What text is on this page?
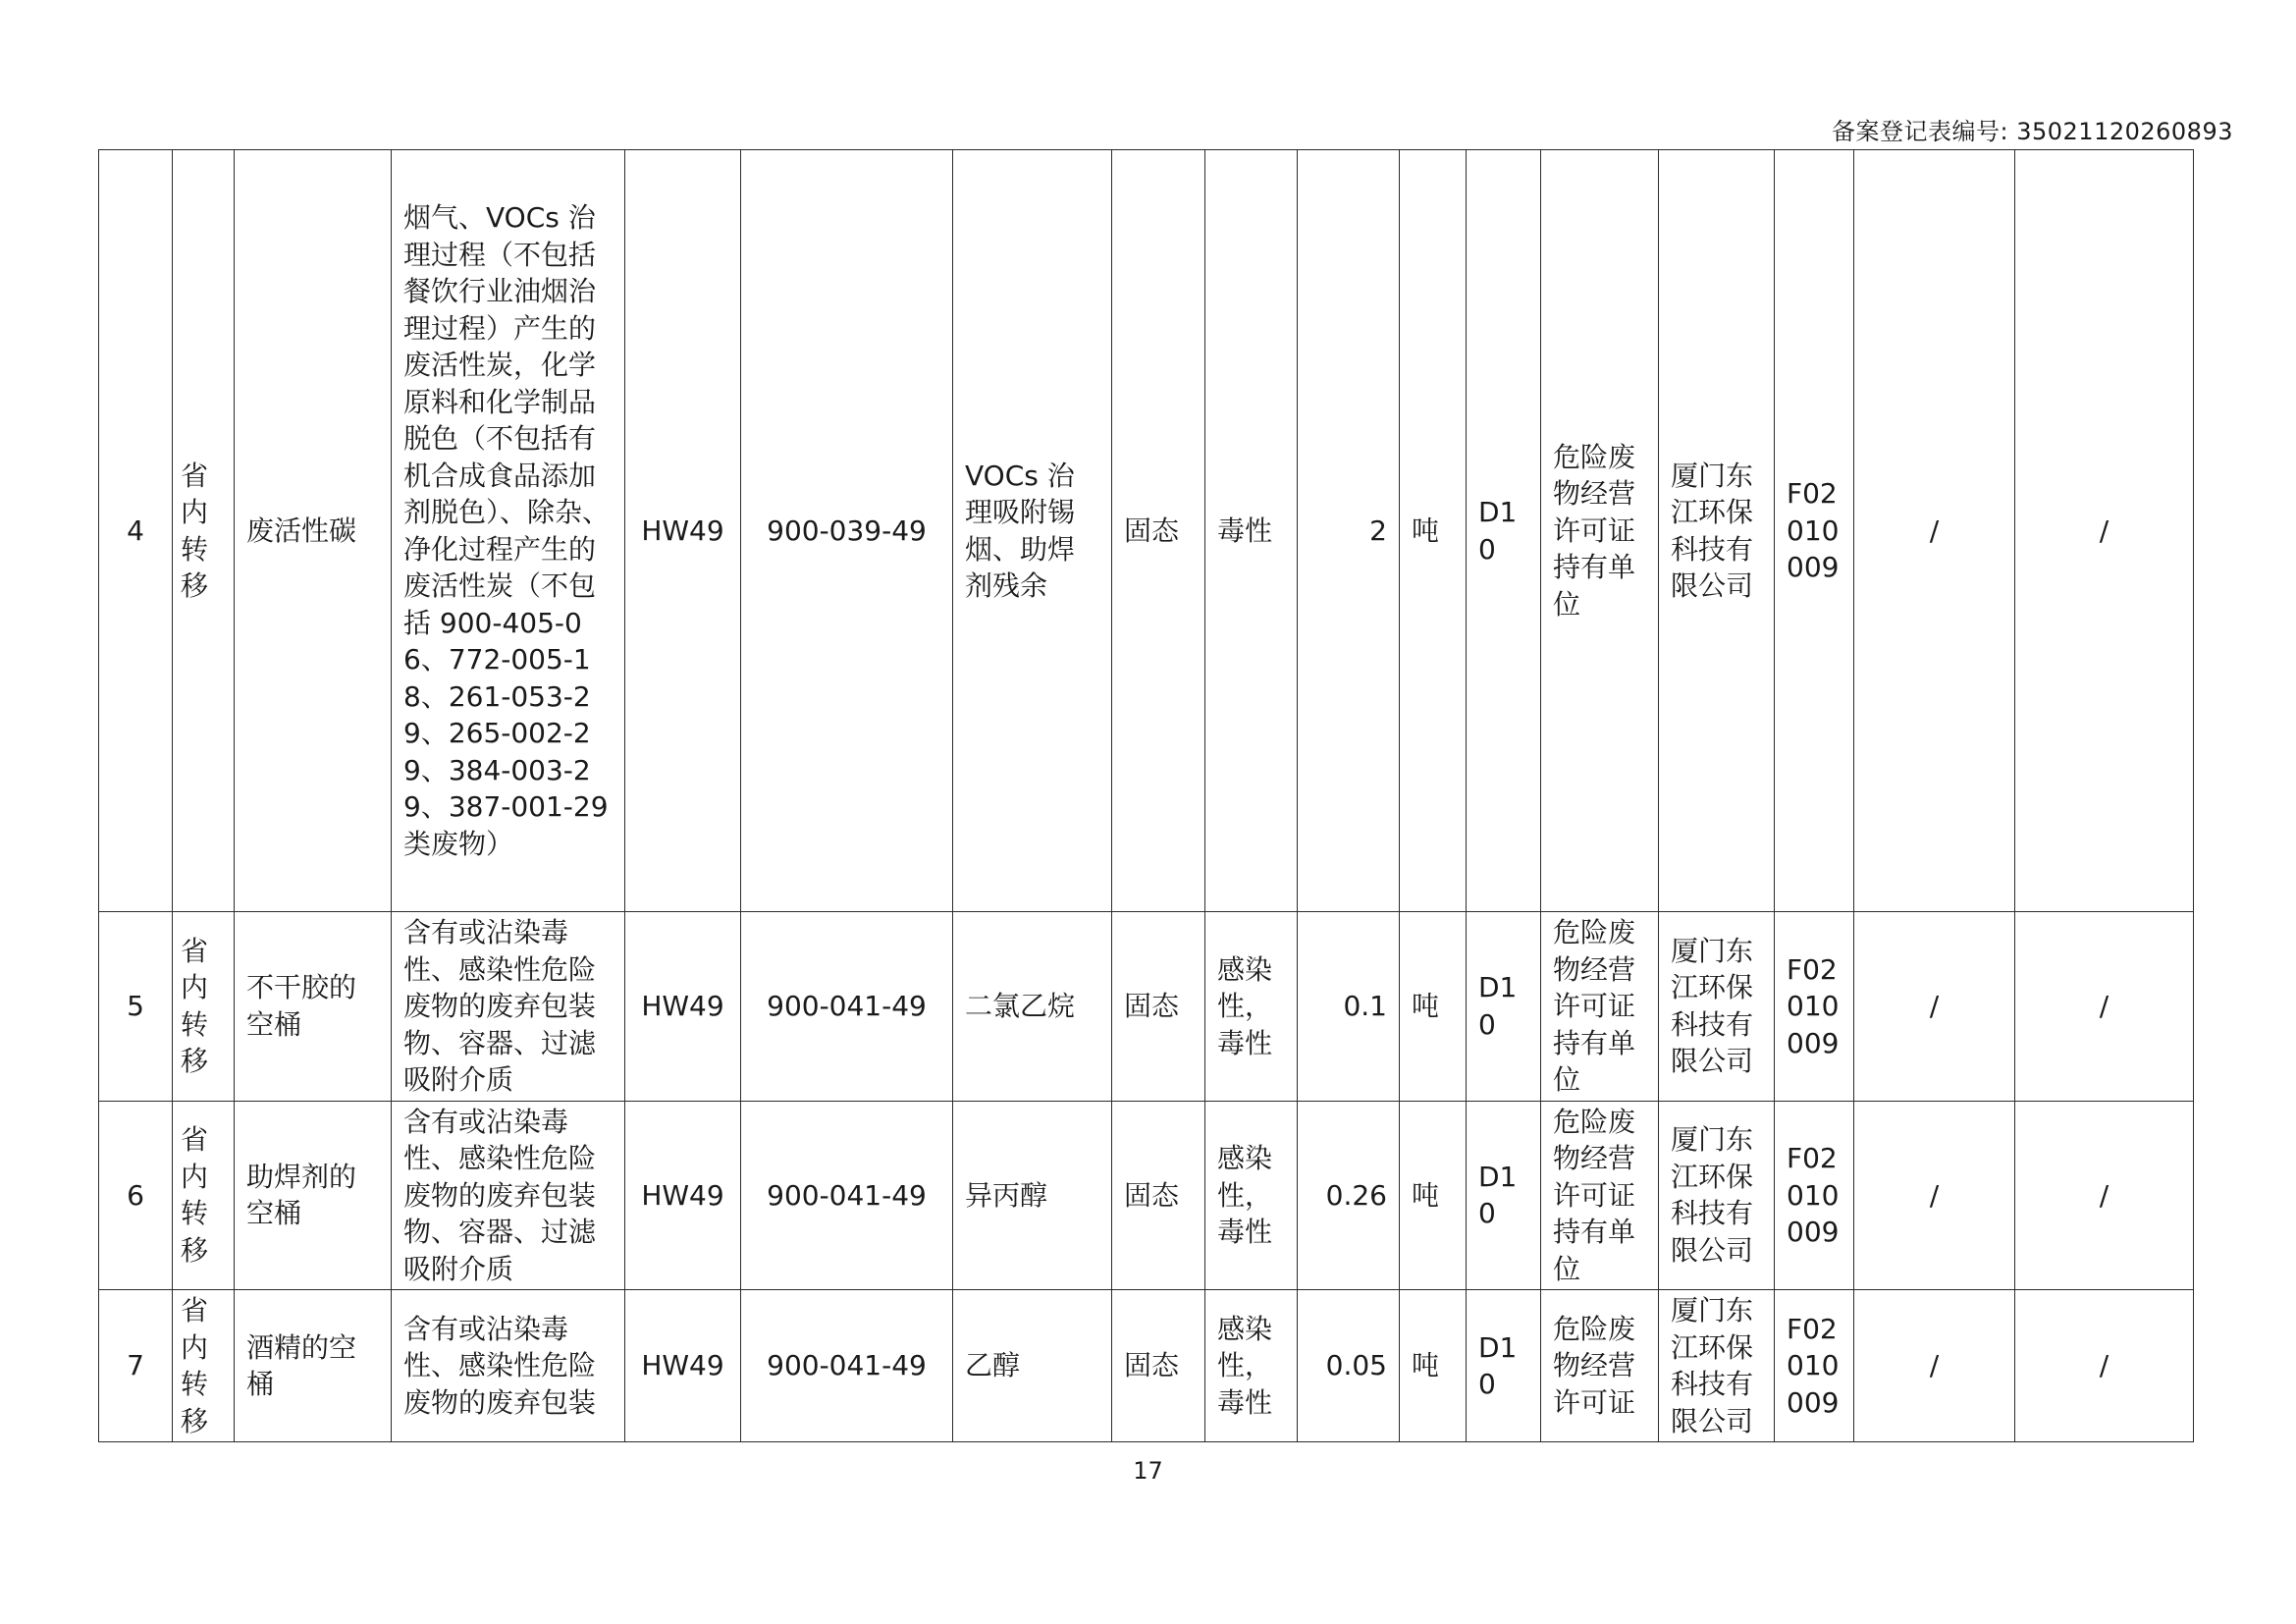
备案登记表编号: 35021120260893
4	省内转移	废活性碳	烟气、VOCs 治理过程（不包括餐饮行业油烟治理过程）产生的废活性炭，化学原料和化学制品脱色（不包括有机合成食品添加剂脱色）、除杂、净化过程产生的废活性炭（不包括 900-405-06、772-005-18、261-053-29、265-002-29、384-003-29、387-001-29 类废物）	HW49	900-039-49	VOCs 治理吸附锡烟、助焊剂残余	固态	毒性	2	吨	D10	危险废物经营许可证持有单位	厦门东江环保科技有限公司	F02010009	/	/
5	省内转移	不干胶的空桶	含有或沾染毒性、感染性危险废物的废弃包装物、容器、过滤吸附介质	HW49	900-041-49	二氯乙烷	固态	感染性，毒性	0.1	吨	D10	危险废物经营许可证持有单位	厦门东江环保科技有限公司	F02010009	/	/
6	省内转移	助焊剂的空桶	含有或沾染毒性、感染性危险废物的废弃包装物、容器、过滤吸附介质	HW49	900-041-49	异丙醇	固态	感染性，毒性	0.26	吨	D10	危险废物经营许可证持有单位	厦门东江环保科技有限公司	F02010009	/	/
7	省内转移	酒精的空桶	含有或沾染毒性、感染性危险废物的废弃包装	HW49	900-041-49	乙醇	固态	感染性，毒性	0.05	吨	D10	危险废物经营许可证	厦门东江环保科技有限公司	F02010009	/	/
17
